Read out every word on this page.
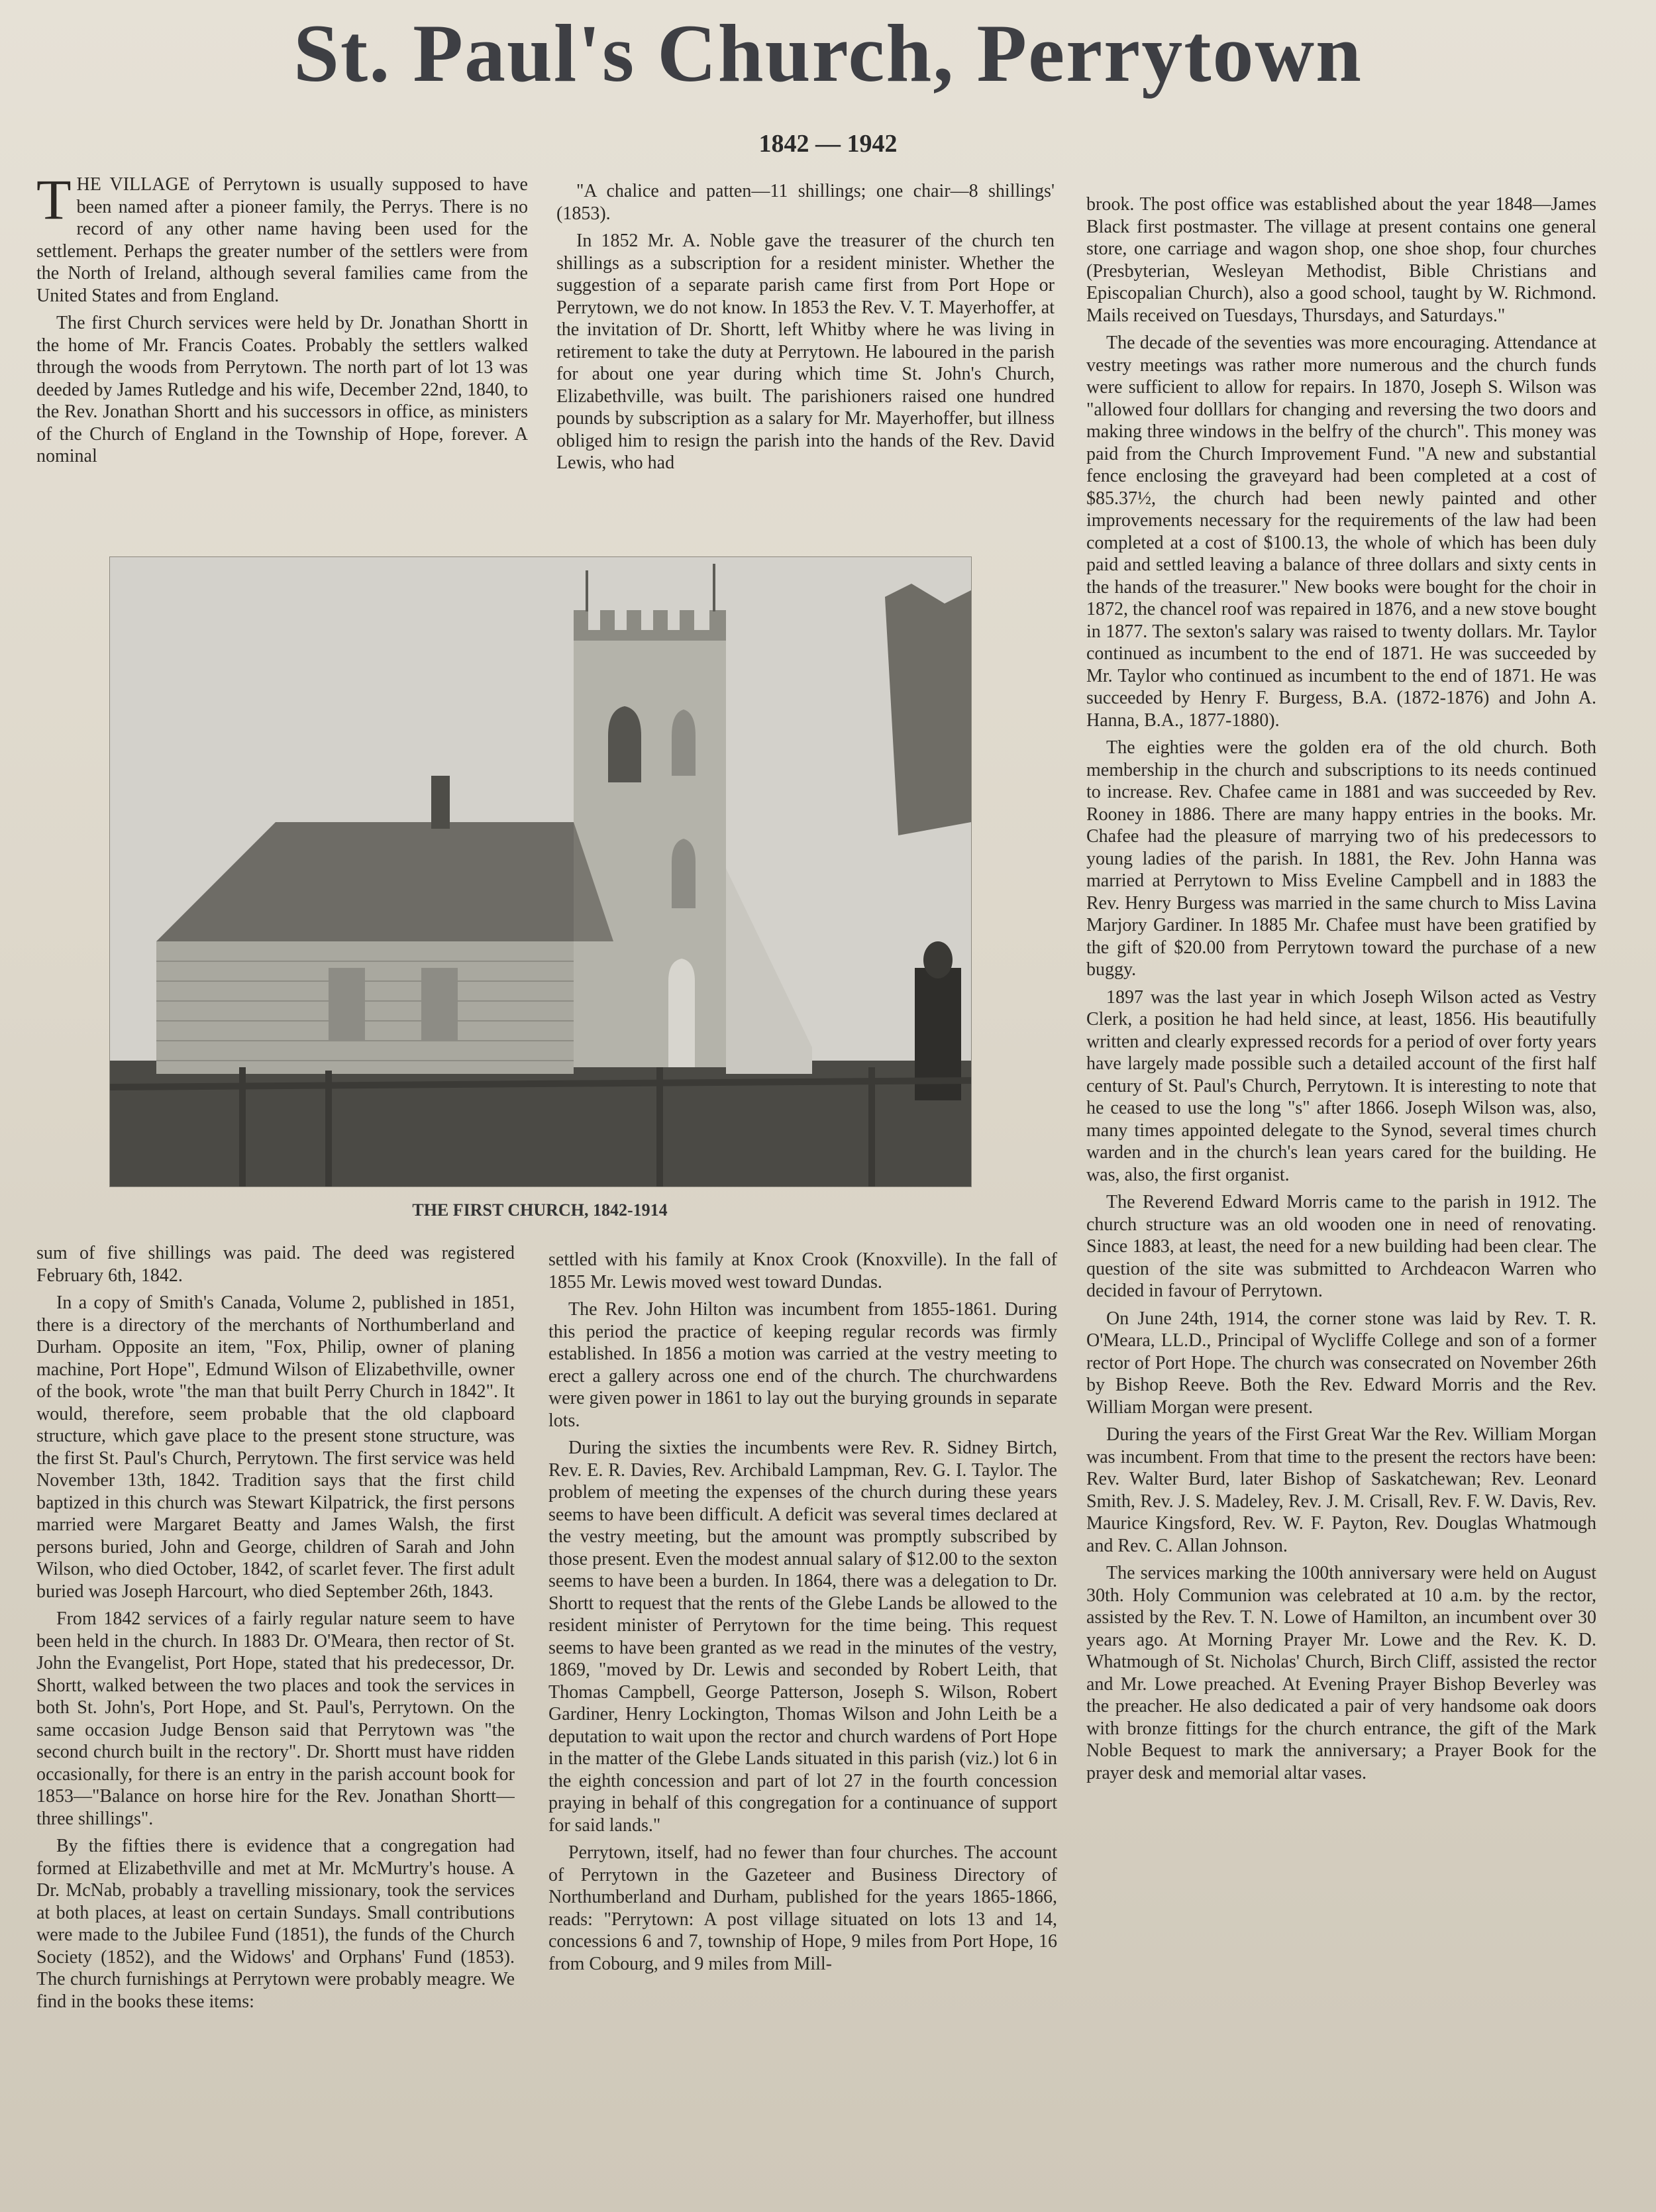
St. Paul's Church, Perrytown
1842 — 1942

THE VILLAGE of Perrytown is usually supposed to have been named after a pioneer family, the Perrys. There is no record of any other name having been used for the settlement. Perhaps the greater number of the settlers were from the North of Ireland, although several families came from the United States and from England.

The first Church services were held by Dr. Jonathan Shortt in the home of Mr. Francis Coates. Probably the settlers walked through the woods from Perrytown. The north part of lot 13 was deeded by James Rutledge and his wife, December 22nd, 1840, to the Rev. Jonathan Shortt and his successors in office, as ministers of the Church of England in the Township of Hope, forever. A nominal

"A chalice and patten—11 shillings; one chair—8 shillings' (1853).

In 1852 Mr. A. Noble gave the treasurer of the church ten shillings as a subscription for a resident minister. Whether the suggestion of a separate parish came first from Port Hope or Perrytown, we do not know. In 1853 the Rev. V. T. Mayerhoffer, at the invitation of Dr. Shortt, left Whitby where he was living in retirement to take the duty at Perrytown. He laboured in the parish for about one year during which time St. John's Church, Elizabethville, was built. The parishioners raised one hundred pounds by subscription as a salary for Mr. Mayerhoffer, but illness obliged him to resign the parish into the hands of the Rev. David Lewis, who had

THE FIRST CHURCH, 1842-1914

sum of five shillings was paid. The deed was registered February 6th, 1842.

In a copy of Smith's Canada, Volume 2, published in 1851, there is a directory of the merchants of Northumberland and Durham. Opposite an item, "Fox, Philip, owner of planing machine, Port Hope", Edmund Wilson of Elizabethville, owner of the book, wrote "the man that built Perry Church in 1842". It would, therefore, seem probable that the old clapboard structure, which gave place to the present stone structure, was the first St. Paul's Church, Perrytown. The first service was held November 13th, 1842. Tradition says that the first child baptized in this church was Stewart Kilpatrick, the first persons married were Margaret Beatty and James Walsh, the first persons buried, John and George, children of Sarah and John Wilson, who died October, 1842, of scarlet fever. The first adult buried was Joseph Harcourt, who died September 26th, 1843.

From 1842 services of a fairly regular nature seem to have been held in the church. In 1883 Dr. O'Meara, then rector of St. John the Evangelist, Port Hope, stated that his predecessor, Dr. Shortt, walked between the two places and took the services in both St. John's, Port Hope, and St. Paul's, Perrytown. On the same occasion Judge Benson said that Perrytown was "the second church built in the rectory". Dr. Shortt must have ridden occasionally, for there is an entry in the parish account book for 1853—"Balance on horse hire for the Rev. Jonathan Shortt—three shillings".

By the fifties there is evidence that a congregation had formed at Elizabethville and met at Mr. McMurtry's house. A Dr. McNab, probably a travelling missionary, took the services at both places, at least on certain Sundays. Small contributions were made to the Jubilee Fund (1851), the funds of the Church Society (1852), and the Widows' and Orphans' Fund (1853). The church furnishings at Perrytown were probably meagre. We find in the books these items:

settled with his family at Knox Crook (Knoxville). In the fall of 1855 Mr. Lewis moved west toward Dundas.

The Rev. John Hilton was incumbent from 1855-1861. During this period the practice of keeping regular records was firmly established. In 1856 a motion was carried at the vestry meeting to erect a gallery across one end of the church. The churchwardens were given power in 1861 to lay out the burying grounds in separate lots.

During the sixties the incumbents were Rev. R. Sidney Birtch, Rev. E. R. Davies, Rev. Archibald Lampman, Rev. G. I. Taylor. The problem of meeting the expenses of the church during these years seems to have been difficult. A deficit was several times declared at the vestry meeting, but the amount was promptly subscribed by those present. Even the modest annual salary of $12.00 to the sexton seems to have been a burden. In 1864, there was a delegation to Dr. Shortt to request that the rents of the Glebe Lands be allowed to the resident minister of Perrytown for the time being. This request seems to have been granted as we read in the minutes of the vestry, 1869, "moved by Dr. Lewis and seconded by Robert Leith, that Thomas Campbell, George Patterson, Joseph S. Wilson, Robert Gardiner, Henry Lockington, Thomas Wilson and John Leith be a deputation to wait upon the rector and church wardens of Port Hope in the matter of the Glebe Lands situated in this parish (viz.) lot 6 in the eighth concession and part of lot 27 in the fourth concession praying in behalf of this congregation for a continuance of support for said lands."

Perrytown, itself, had no fewer than four churches. The account of Perrytown in the Gazeteer and Business Directory of Northumberland and Durham, published for the years 1865-1866, reads: "Perrytown: A post village situated on lots 13 and 14, concessions 6 and 7, township of Hope, 9 miles from Port Hope, 16 from Cobourg, and 9 miles from Mill-

brook. The post office was established about the year 1848—James Black first postmaster. The village at present contains one general store, one carriage and wagon shop, one shoe shop, four churches (Presbyterian, Wesleyan Methodist, Bible Christians and Episcopalian Church), also a good school, taught by W. Richmond. Mails received on Tuesdays, Thursdays, and Saturdays."

The decade of the seventies was more encouraging. Attendance at vestry meetings was rather more numerous and the church funds were sufficient to allow for repairs. In 1870, Joseph S. Wilson was "allowed four dolllars for changing and reversing the two doors and making three windows in the belfry of the church". This money was paid from the Church Improvement Fund. "A new and substantial fence enclosing the graveyard had been completed at a cost of $85.37½, the church had been newly painted and other improvements necessary for the requirements of the law had been completed at a cost of $100.13, the whole of which has been duly paid and settled leaving a balance of three dollars and sixty cents in the hands of the treasurer." New books were bought for the choir in 1872, the chancel roof was repaired in 1876, and a new stove bought in 1877. The sexton's salary was raised to twenty dollars. Mr. Taylor continued as incumbent to the end of 1871. He was succeeded by Mr. Taylor who continued as incumbent to the end of 1871. He was succeeded by Henry F. Burgess, B.A. (1872-1876) and John A. Hanna, B.A., 1877-1880).

The eighties were the golden era of the old church. Both membership in the church and subscriptions to its needs continued to increase. Rev. Chafee came in 1881 and was succeeded by Rev. Rooney in 1886. There are many happy entries in the books. Mr. Chafee had the pleasure of marrying two of his predecessors to young ladies of the parish. In 1881, the Rev. John Hanna was married at Perrytown to Miss Eveline Campbell and in 1883 the Rev. Henry Burgess was married in the same church to Miss Lavina Marjory Gardiner. In 1885 Mr. Chafee must have been gratified by the gift of $20.00 from Perrytown toward the purchase of a new buggy.

1897 was the last year in which Joseph Wilson acted as Vestry Clerk, a position he had held since, at least, 1856. His beautifully written and clearly expressed records for a period of over forty years have largely made possible such a detailed account of the first half century of St. Paul's Church, Perrytown. It is interesting to note that he ceased to use the long "s" after 1866. Joseph Wilson was, also, many times appointed delegate to the Synod, several times church warden and in the church's lean years cared for the building. He was, also, the first organist.

The Reverend Edward Morris came to the parish in 1912. The church structure was an old wooden one in need of renovating. Since 1883, at least, the need for a new building had been clear. The question of the site was submitted to Archdeacon Warren who decided in favour of Perrytown.

On June 24th, 1914, the corner stone was laid by Rev. T. R. O'Meara, LL.D., Principal of Wycliffe College and son of a former rector of Port Hope. The church was consecrated on November 26th by Bishop Reeve. Both the Rev. Edward Morris and the Rev. William Morgan were present.

During the years of the First Great War the Rev. William Morgan was incumbent. From that time to the present the rectors have been: Rev. Walter Burd, later Bishop of Saskatchewan; Rev. Leonard Smith, Rev. J. S. Madeley, Rev. J. M. Crisall, Rev. F. W. Davis, Rev. Maurice Kingsford, Rev. W. F. Payton, Rev. Douglas Whatmough and Rev. C. Allan Johnson.

The services marking the 100th anniversary were held on August 30th. Holy Communion was celebrated at 10 a.m. by the rector, assisted by the Rev. T. N. Lowe of Hamilton, an incumbent over 30 years ago. At Morning Prayer Mr. Lowe and the Rev. K. D. Whatmough of St. Nicholas' Church, Birch Cliff, assisted the rector and Mr. Lowe preached. At Evening Prayer Bishop Beverley was the preacher. He also dedicated a pair of very handsome oak doors with bronze fittings for the church entrance, the gift of the Mark Noble Bequest to mark the anniversary; a Prayer Book for the prayer desk and memorial altar vases.
